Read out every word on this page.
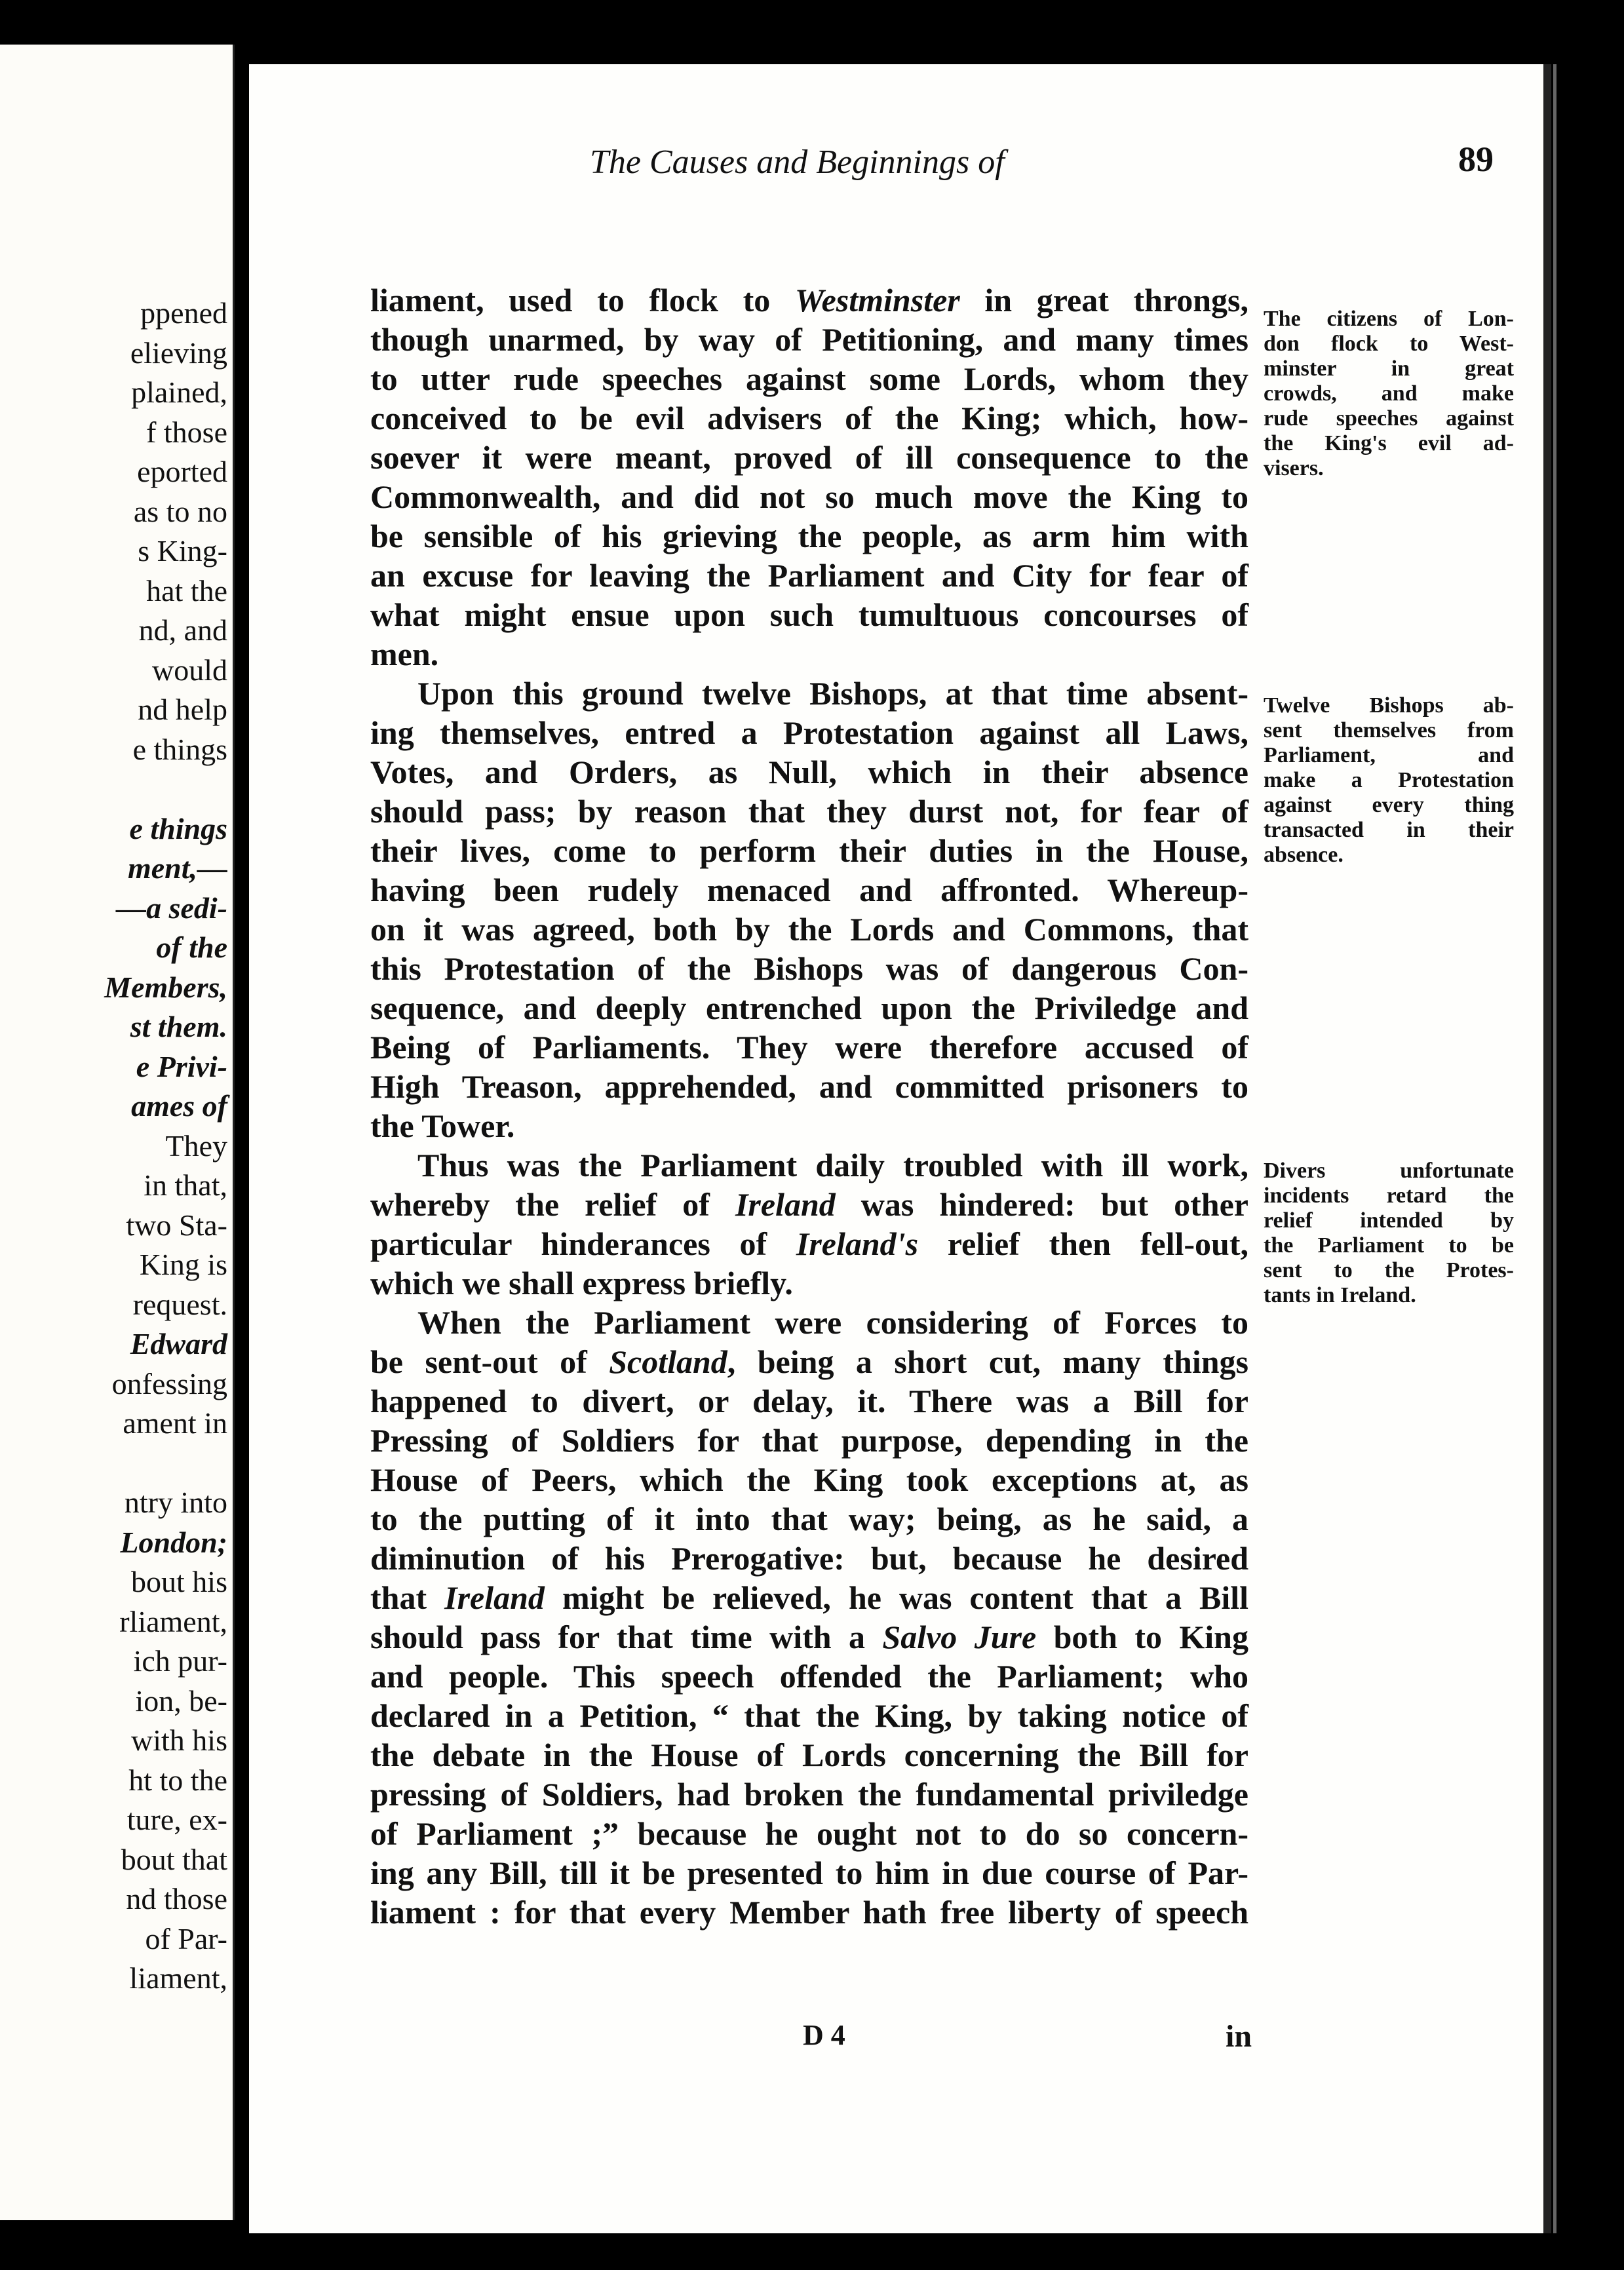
ppened
elieving
plained,
f those
eported
as to no
s King-
hat the
nd, and
would
nd help
e things
e things
ment,—
—a sedi-
of the
Members,
st them.
e Privi-
ames of
They
in that,
two Sta-
King is
request.
Edward
onfessing
ament in
ntry into
London;
bout his
rliament,
ich pur-
ion, be-
with his
ht to the
ture, ex-
bout that
nd those
of Par-
liament,
The Causes and Beginnings of	89
liament, used to flock to Westminster in great throngs,
though unarmed, by way of Petitioning, and many times
to utter rude speeches against some Lords, whom they
conceived to be evil advisers of the King; which, how-
soever it were meant, proved of ill consequence to the
Commonwealth, and did not so much move the King to
be sensible of his grieving the people, as arm him with
an excuse for leaving the Parliament and City for fear of
what might ensue upon such tumultuous concourses of
men.
Upon this ground twelve Bishops, at that time absent-
ing themselves, entred a Protestation against all Laws,
Votes, and Orders, as Null, which in their absence
should pass; by reason that they durst not, for fear of
their lives, come to perform their duties in the House,
having been rudely menaced and affronted. Whereup-
on it was agreed, both by the Lords and Commons, that
this Protestation of the Bishops was of dangerous Con-
sequence, and deeply entrenched upon the Priviledge and
Being of Parliaments. They were therefore accused of
High Treason, apprehended, and committed prisoners to
the Tower.
Thus was the Parliament daily troubled with ill work,
whereby the relief of Ireland was hindered: but other
particular hinderances of Ireland's relief then fell-out,
which we shall express briefly.
When the Parliament were considering of Forces to
be sent-out of Scotland, being a short cut, many things
happened to divert, or delay, it. There was a Bill for
Pressing of Soldiers for that purpose, depending in the
House of Peers, which the King took exceptions at, as
to the putting of it into that way; being, as he said, a
diminution of his Prerogative: but, because he desired
that Ireland might be relieved, he was content that a Bill
should pass for that time with a Salvo Jure both to King
and people. This speech offended the Parliament; who
declared in a Petition, “ that the King, by taking notice of
the debate in the House of Lords concerning the Bill for
pressing of Soldiers, had broken the fundamental priviledge
of Parliament ;” because he ought not to do so concern-
ing any Bill, till it be presented to him in due course of Par-
liament : for that every Member hath free liberty of speech
The citizens of Lon-
don flock to West-
minster in great
crowds, and make
rude speeches against
the King's evil ad-
visers.
Twelve Bishops ab-
sent themselves from
Parliament, and
make a Protestation
against every thing
transacted in their
absence.
Divers unfortunate
incidents retard the
relief intended by
the Parliament to be
sent to the Protes-
tants in Ireland.
D 4	in
